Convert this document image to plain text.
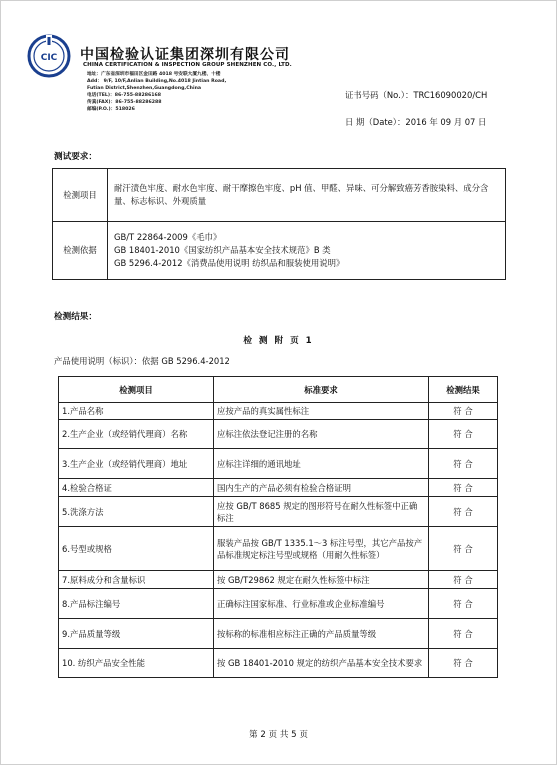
CIC 中国检验认证集团深圳有限公司
CHINA CERTIFICATION & INSPECTION GROUP SHENZHEN CO., LTD.
地址：广东省深圳市福田区金田路 4018 号安联大厦九楼、十楼
Add： 9/F, 10/F,Anlian Building,No.4018 Jintian Road,
Futian District,Shenzhen,Guangdong,China
电话(TEL)：86-755-88286168
传真(FAX)：86-755-88286288
邮编(P.O.)：518026
证书号码（No.）：TRC16090020/CH
日 期（Date）：2016 年 09 月 07 日
测试要求：
检测项目	耐汗渍色牢度、耐水色牢度、耐干摩擦色牢度、pH 值、甲醛、异味、可分解致癌芳香胺染料、成分含量、标志标识、外观质量
检测依据	GB/T 22864-2009《毛巾》
GB 18401-2010《国家纺织产品基本安全技术规范》B 类
GB 5296.4-2012《消费品使用说明 纺织品和服装使用说明》
检测结果：
检 测 附 页 1
产品使用说明（标识）：依据 GB 5296.4-2012
检测项目	标准要求	检测结果
1.产品名称	应按产品的真实属性标注	符 合
2.生产企业（或经销代理商）名称	应标注依法登记注册的名称	符 合
3.生产企业（或经销代理商）地址	应标注详细的通讯地址	符 合
4.检验合格证	国内生产的产品必须有检验合格证明	符 合
5.洗涤方法	应按 GB/T 8685 规定的图形符号在耐久性标签中正确标注	符 合
6.号型或规格	服装产品按 GB/T 1335.1～3 标注号型，其它产品按产品标准规定标注号型或规格（用耐久性标签）	符 合
7.原料成分和含量标识	按 GB/T29862 规定在耐久性标签中标注	符 合
8.产品标注编号	正确标注国家标准、行业标准或企业标准编号	符 合
9.产品质量等级	按标称的标准相应标注正确的产品质量等级	符 合
10. 纺织产品安全性能	按 GB 18401-2010 规定的纺织产品基本安全技术要求	符 合
第 2 页 共 5 页
